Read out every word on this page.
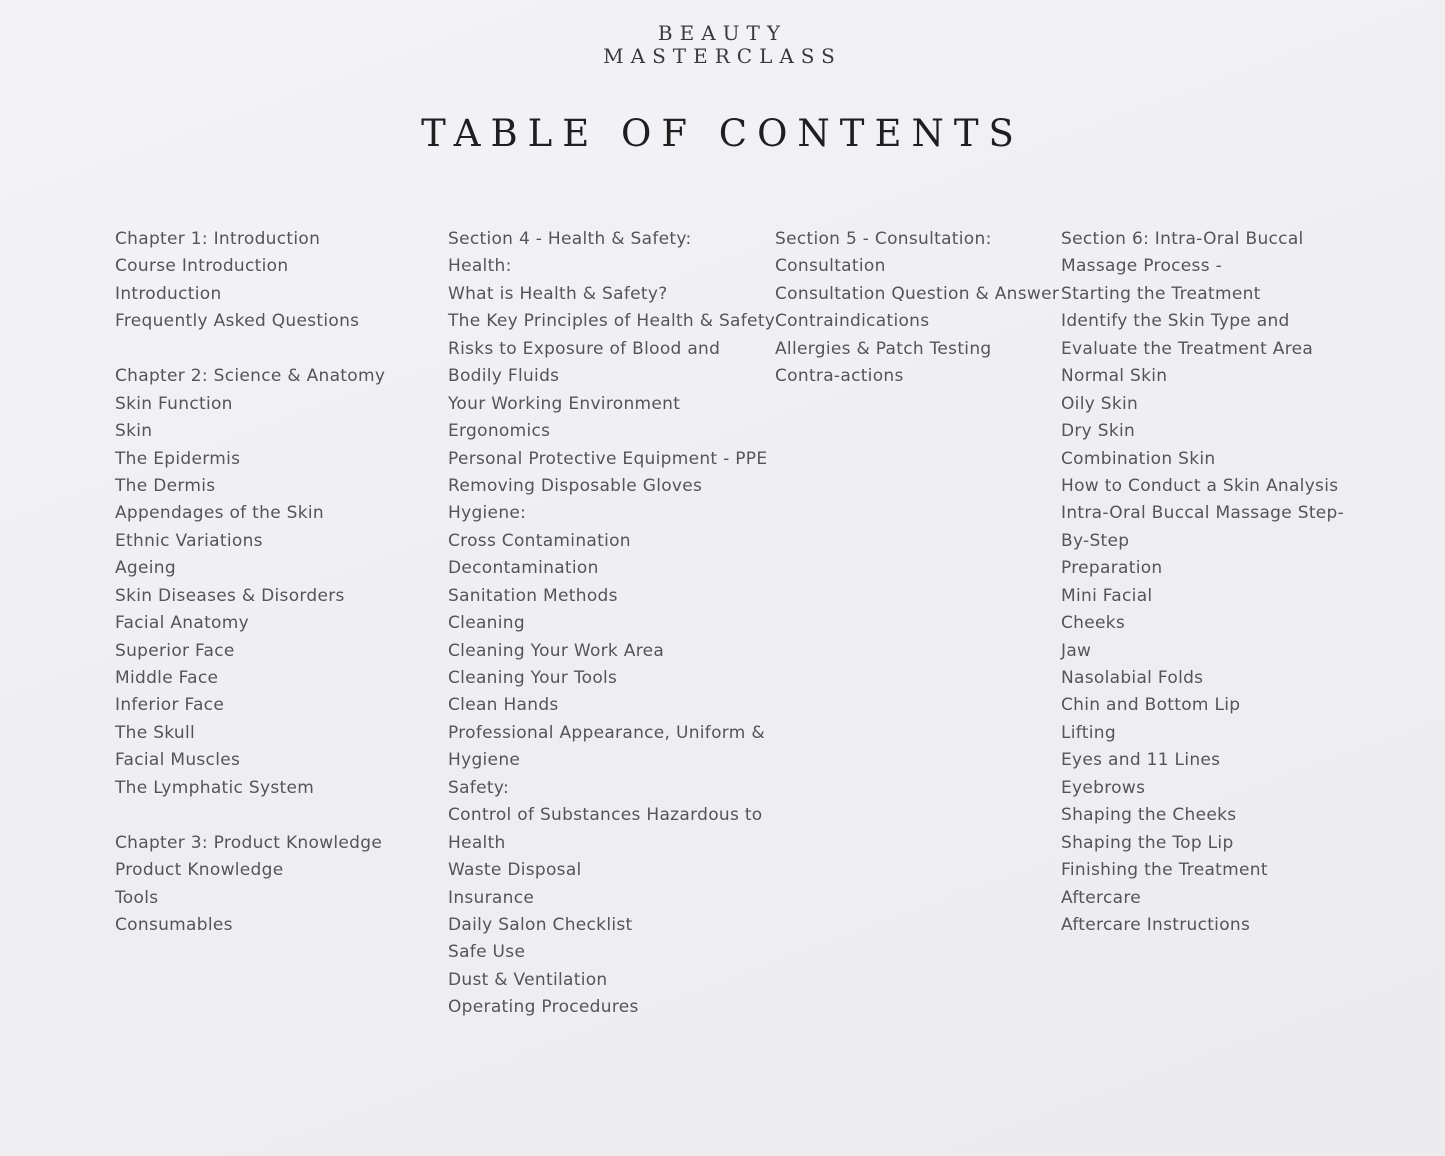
BEAUTY
MASTERCLASS
TABLE OF CONTENTS
Chapter 1: Introduction
Course Introduction
Introduction
Frequently Asked Questions
Chapter 2: Science & Anatomy
Skin Function
Skin
The Epidermis
The Dermis
Appendages of the Skin
Ethnic Variations
Ageing
Skin Diseases & Disorders
Facial Anatomy
Superior Face
Middle Face
Inferior Face
The Skull
Facial Muscles
The Lymphatic System
Chapter 3: Product Knowledge
Product Knowledge
Tools
Consumables
Section 4 - Health & Safety:
Health:
What is Health & Safety?
The Key Principles of Health & Safety
Risks to Exposure of Blood and
Bodily Fluids
Your Working Environment
Ergonomics
Personal Protective Equipment - PPE
Removing Disposable Gloves
Hygiene:
Cross Contamination
Decontamination
Sanitation Methods
Cleaning
Cleaning Your Work Area
Cleaning Your Tools
Clean Hands
Professional Appearance, Uniform &
Hygiene
Safety:
Control of Substances Hazardous to
Health
Waste Disposal
Insurance
Daily Salon Checklist
Safe Use
Dust & Ventilation
Operating Procedures
Section 5 - Consultation:
Consultation
Consultation Question & Answer
Contraindications
Allergies & Patch Testing
Contra-actions
Section 6: Intra-Oral Buccal
Massage Process -
Starting the Treatment
Identify the Skin Type and
Evaluate the Treatment Area
Normal Skin
Oily Skin
Dry Skin
Combination Skin
How to Conduct a Skin Analysis
Intra-Oral Buccal Massage Step-
By-Step
Preparation
Mini Facial
Cheeks
Jaw
Nasolabial Folds
Chin and Bottom Lip
Lifting
Eyes and 11 Lines
Eyebrows
Shaping the Cheeks
Shaping the Top Lip
Finishing the Treatment
Aftercare
Aftercare Instructions
